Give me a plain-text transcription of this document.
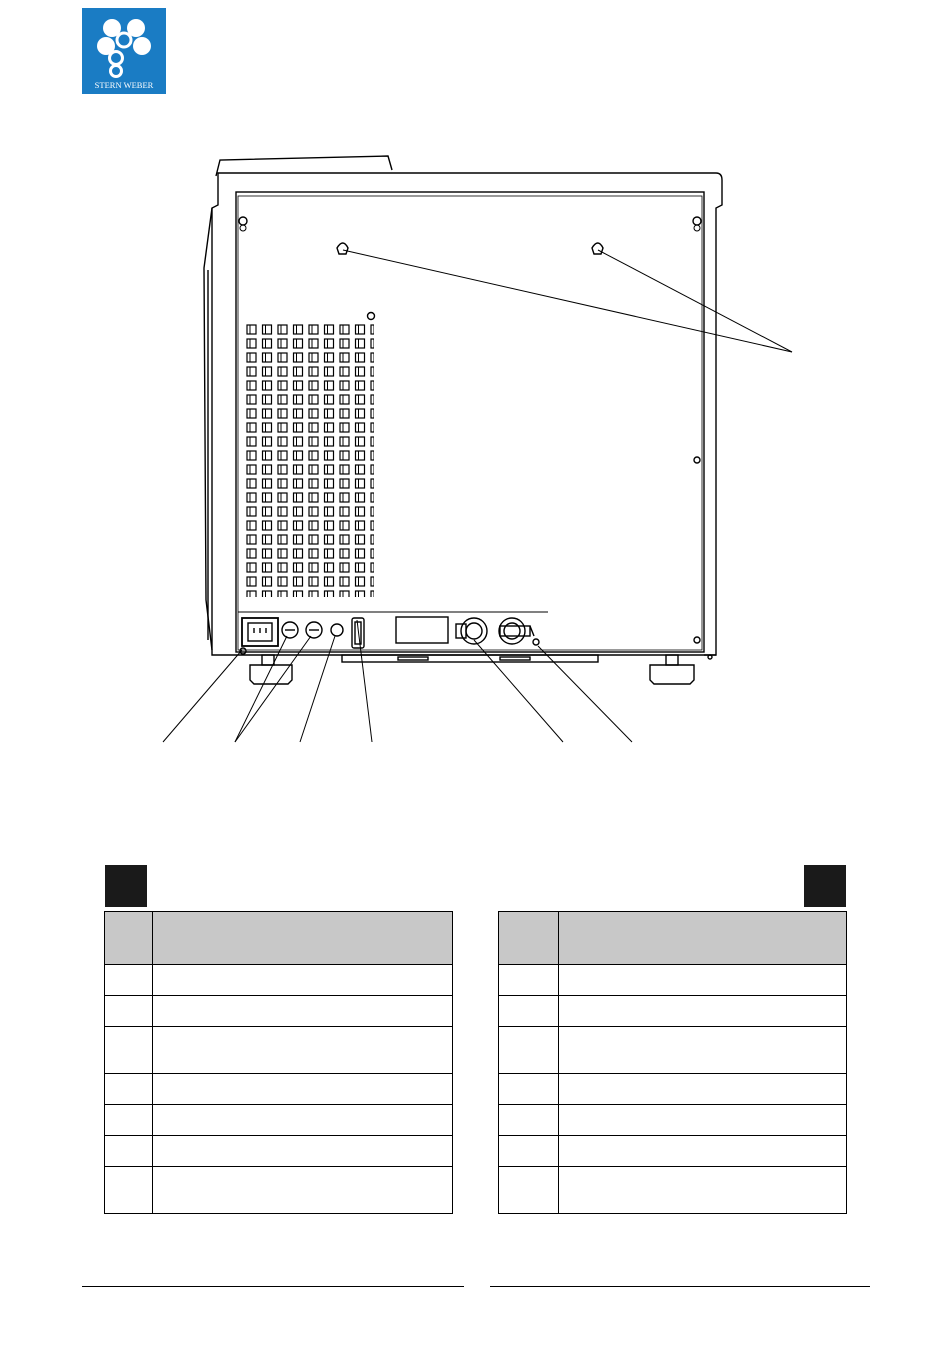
STERN WEBER
